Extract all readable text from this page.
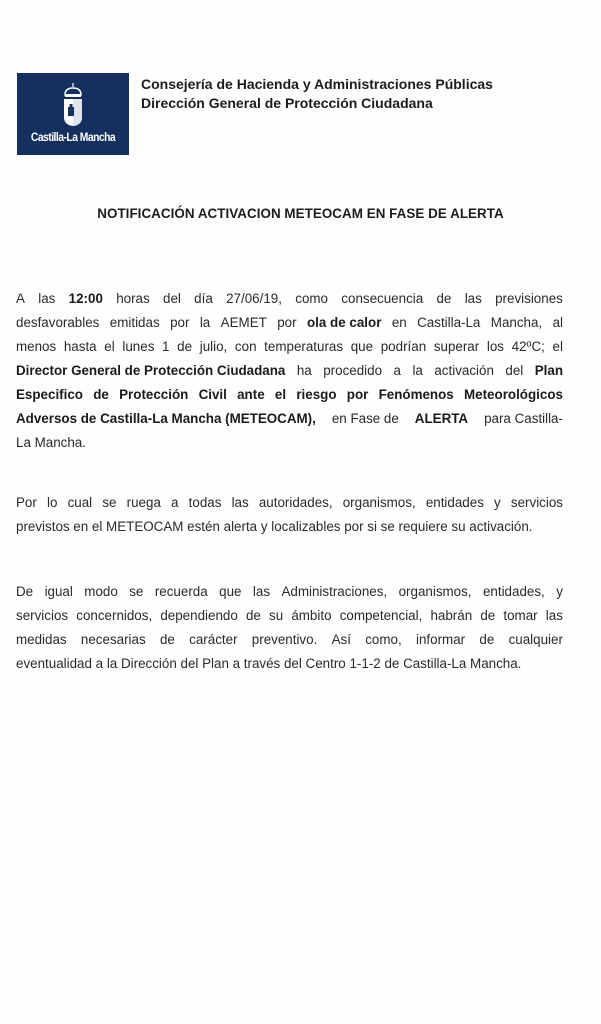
Castilla-La Mancha
Consejería de Hacienda y Administraciones Públicas
Dirección General de Protección Ciudadana
NOTIFICACIÓN ACTIVACION METEOCAM EN FASE DE ALERTA
A las 12:00 horas del día 27/06/19, como consecuencia de las previsiones
desfavorables emitidas por la AEMET por ola de calor en Castilla-La Mancha, al
menos hasta el lunes 1 de julio, con temperaturas que podrían superar los 42ºC; el
Director General de Protección Ciudadana ha procedido a la activación del Plan
Especifico de Protección Civil ante el riesgo por Fenómenos Meteorológicos
Adversos de Castilla-La Mancha (METEOCAM), en Fase de ALERTA para Castilla-
La Mancha.
Por lo cual se ruega a todas las autoridades, organismos, entidades y servicios
previstos en el METEOCAM estén alerta y localizables por si se requiere su activación.
De igual modo se recuerda que las Administraciones, organismos, entidades, y
servicios concernidos, dependiendo de su ámbito competencial, habrán de tomar las
medidas necesarias de carácter preventivo. Así como, informar de cualquier
eventualidad a la Dirección del Plan a través del Centro 1-1-2 de Castilla-La Mancha.
